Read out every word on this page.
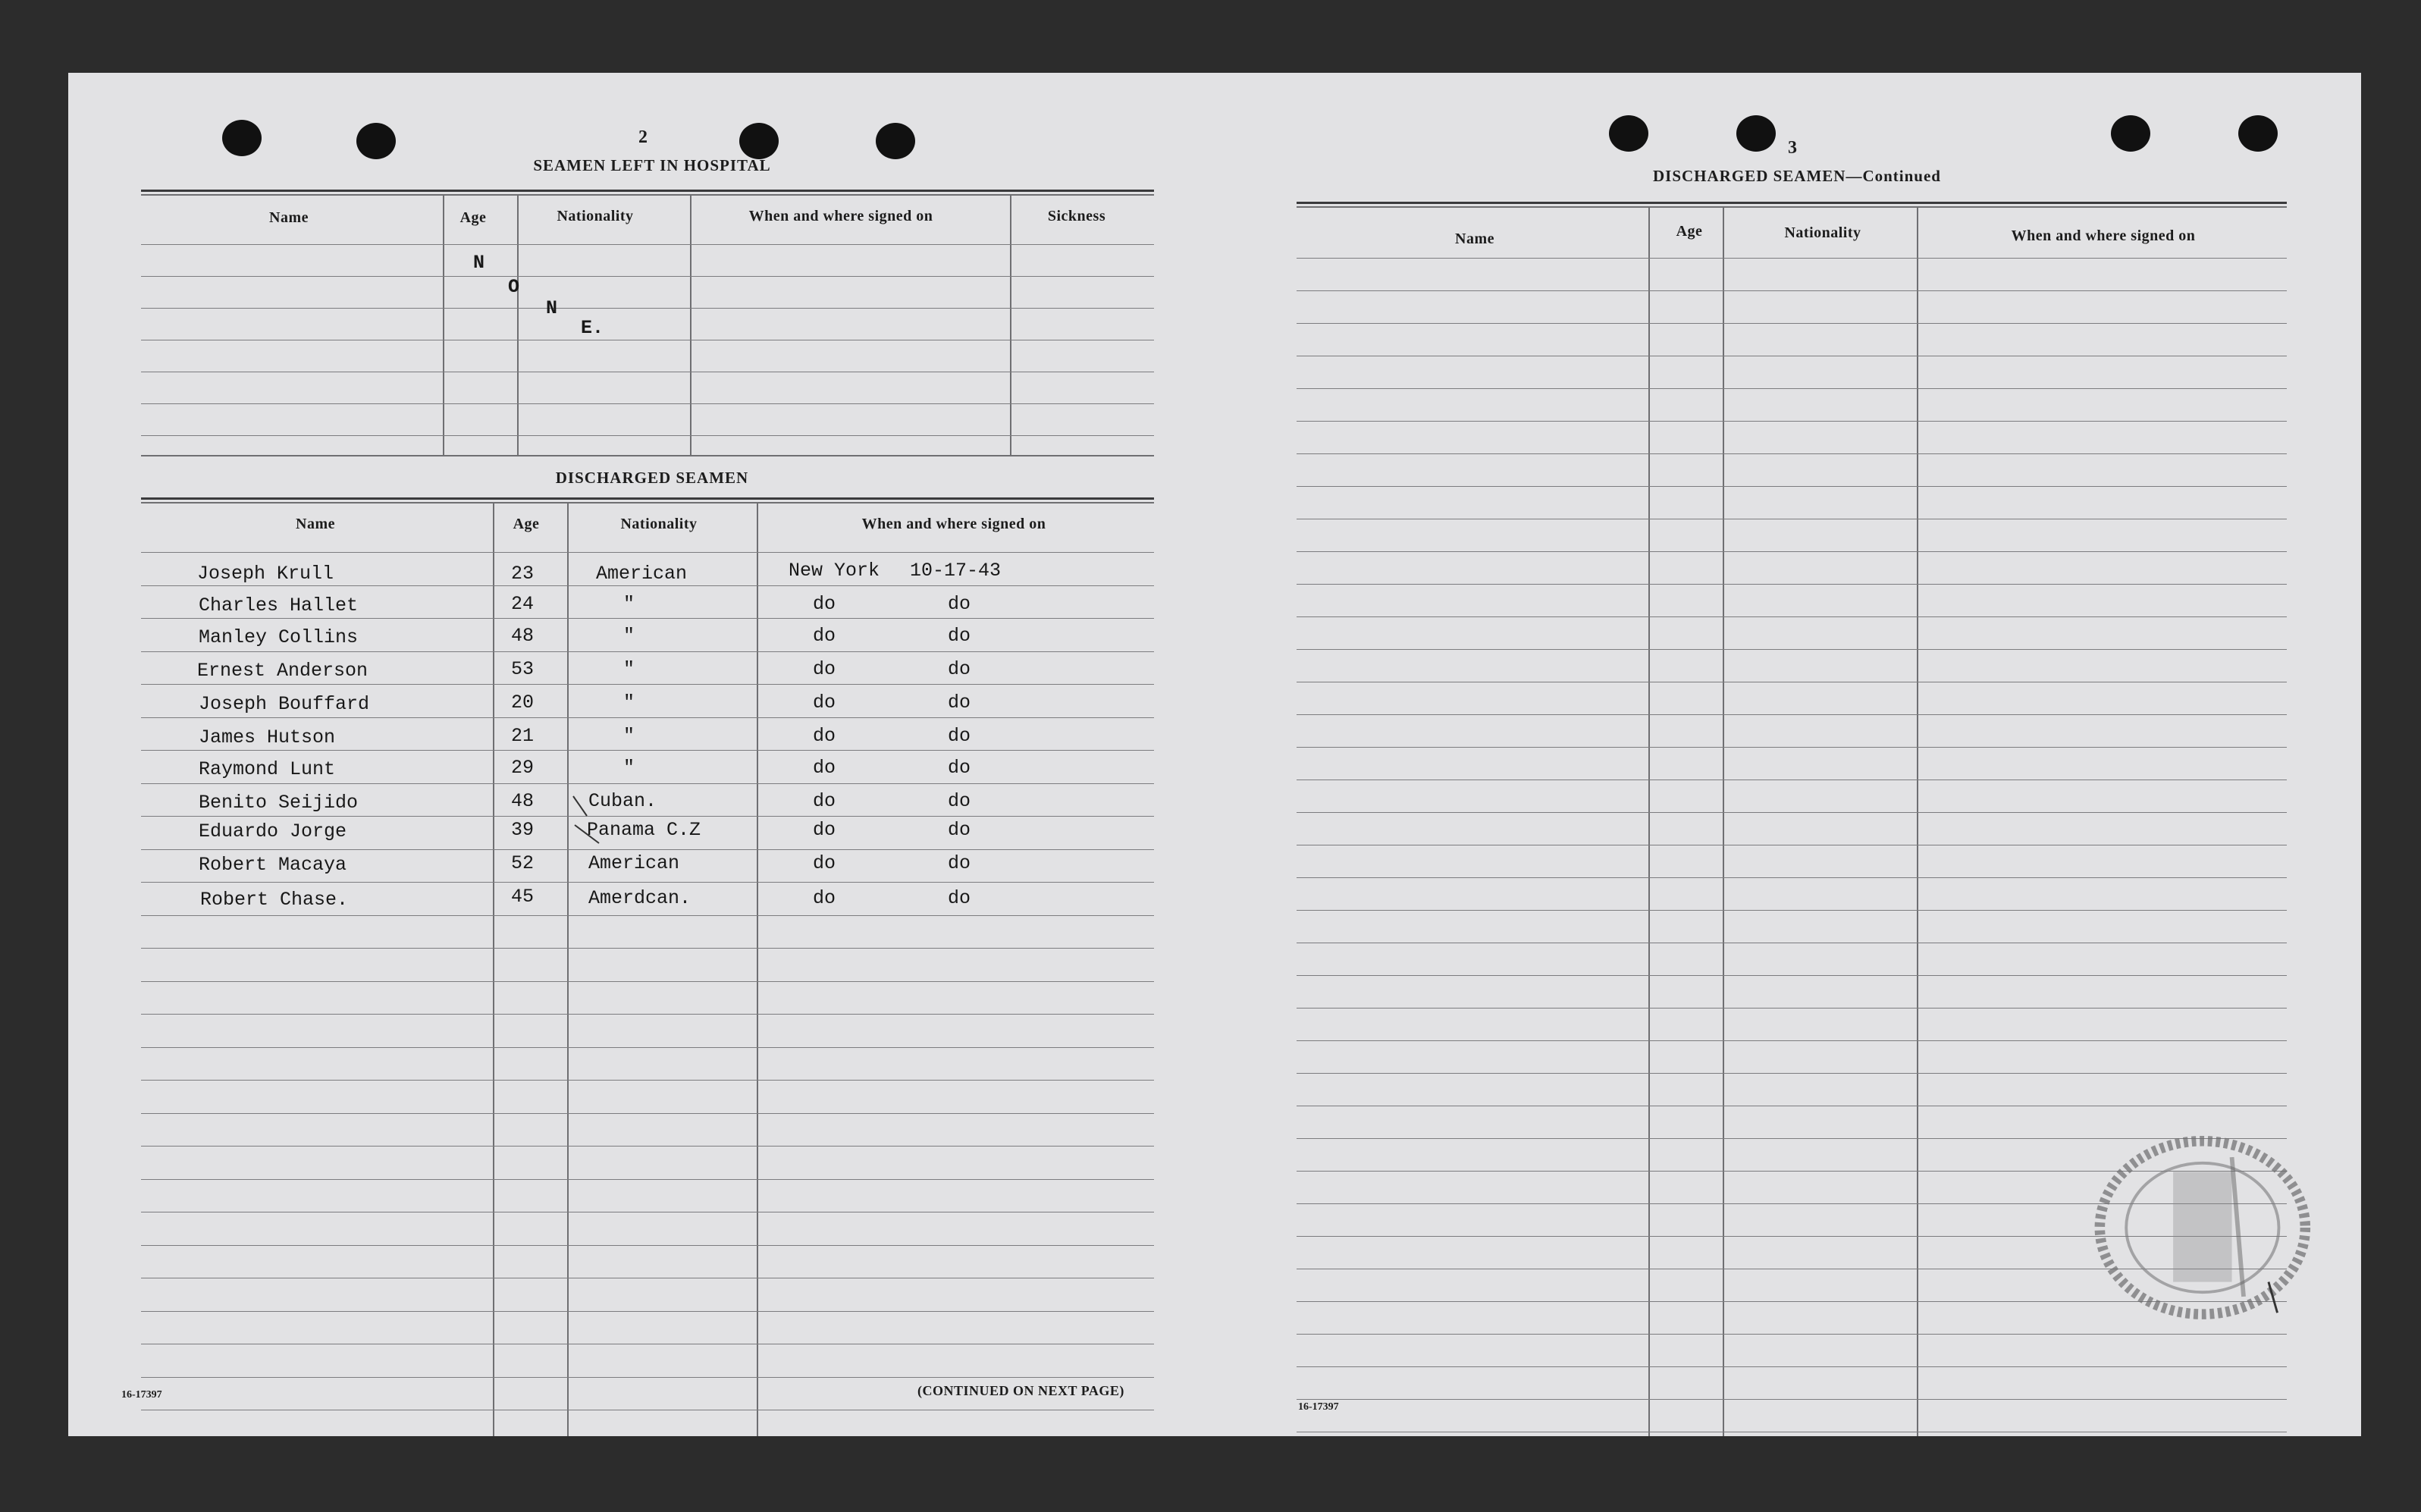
2
SEAMEN LEFT IN HOSPITAL
Name	Age	Nationality	When and where signed on	Sickness
N
O
N
E.
DISCHARGED SEAMEN
Name	Age	Nationality	When and where signed on
Joseph Krull	23	American	New York 10-17-43
Charles Hallet	24	"	do	do
Manley Collins	48	"	do	do
Ernest Anderson	53	"	do	do
Joseph Bouffard	20	"	do	do
James Hutson	21	"	do	do
Raymond Lunt	29	"	do	do
Benito Seijido	48	Cuban.	do	do
Eduardo Jorge	39	Panama C.Z	do	do
Robert Macaya	52	American	do	do
Robert Chase.	45	Amerdcan.	do	do
16-17397	(CONTINUED ON NEXT PAGE)
3
DISCHARGED SEAMEN—Continued
Name	Age	Nationality	When and where signed on
16-17397
